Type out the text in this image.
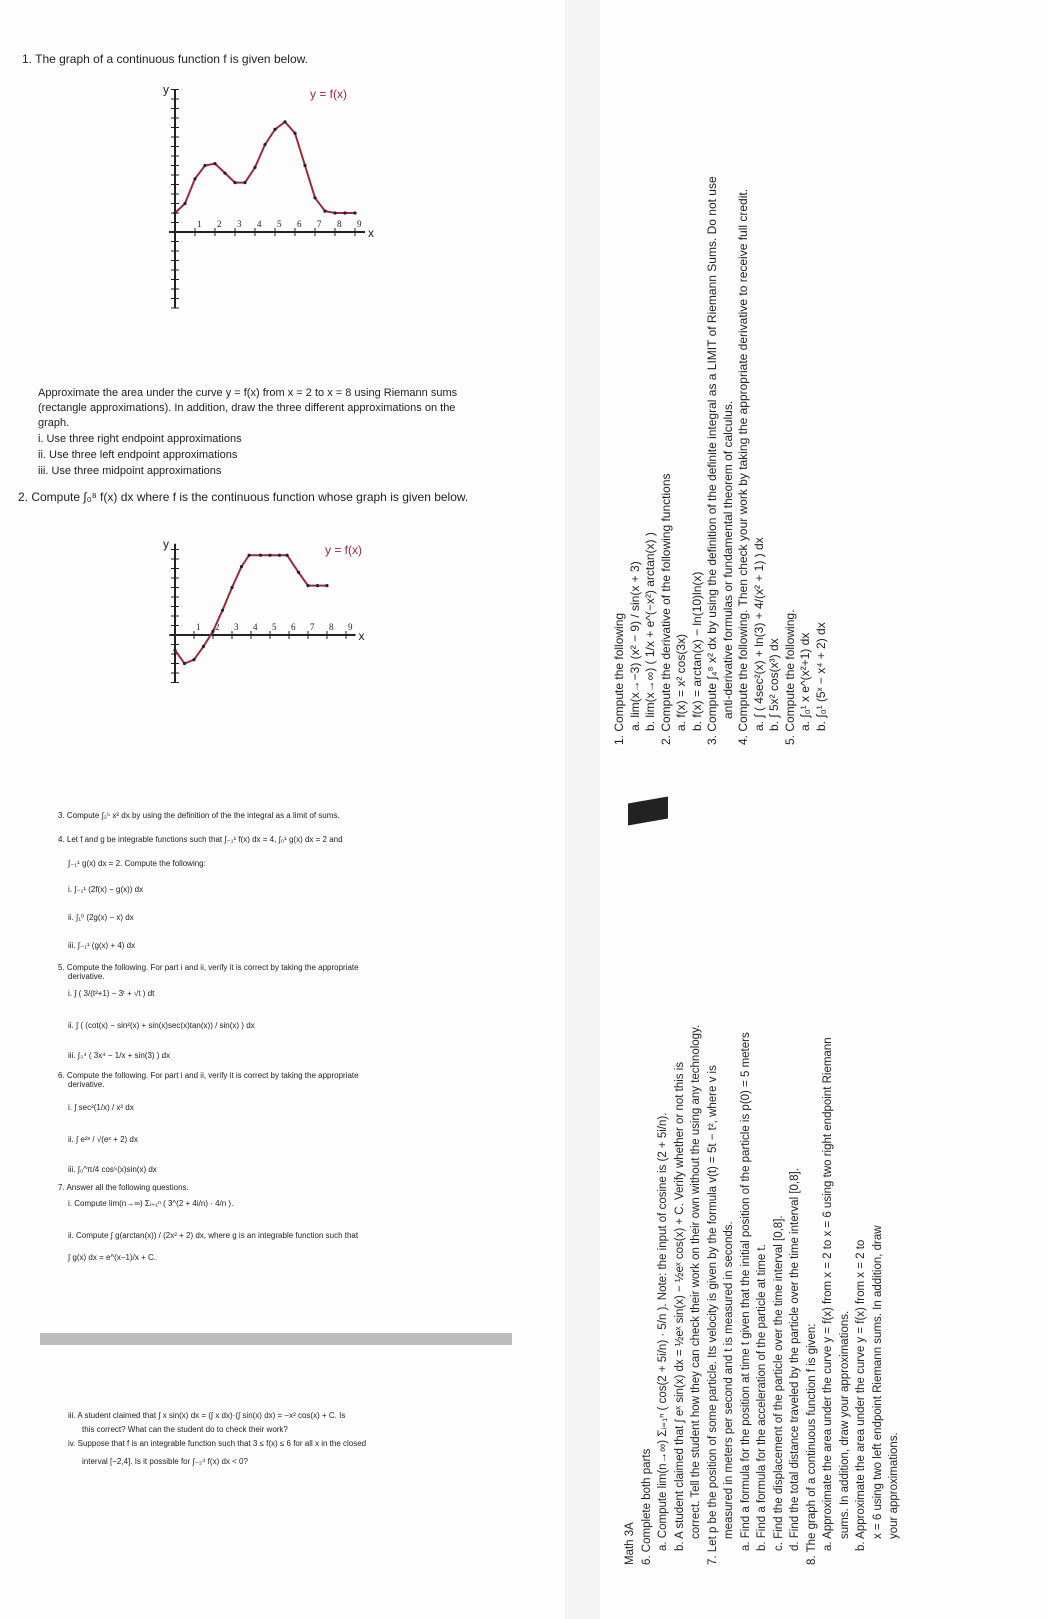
1. The graph of a continuous function f is given below.
1 2 3 4 5 6 7 8 9
x
y	y = f(x)
Approximate the area under the curve y = f(x) from x = 2 to x = 8 using Riemann sums
(rectangle approximations). In addition, draw the three different approximations on the
graph.
i. Use three right endpoint approximations
ii. Use three left endpoint approximations
iii. Use three midpoint approximations
2. Compute ∫₀⁸ f(x) dx where f is the continuous function whose graph is given below.
1 2 3 4 5 6 7 8 9
x
y	y = f(x)
3. Compute ∫₂⁵ x² dx by using the definition of the the integral as a limit of sums.
4. Let f and g be integrable functions such that ∫₋₁¹ f(x) dx = 4, ∫₀¹ g(x) dx = 2 and
∫₋₁¹ g(x) dx = 2. Compute the following:
i. ∫₋₁¹ (2f(x) − g(x)) dx
ii. ∫₁⁰ (2g(x) − x) dx
iii. ∫₋₁¹ (g(x) + 4) dx
5. Compute the following. For part i and ii, verify it is correct by taking the appropriate
derivative.
i. ∫ ( 3/(t²+1) − 3ᵗ + √t ) dt
ii. ∫ ( (cot(x) − sin²(x) + sin(x)sec(x)tan(x)) / sin(x) ) dx
iii. ∫₃⁴ ( 3x⁴ − 1/x + sin(3) ) dx
6. Compute the following. For part i and ii, verify it is correct by taking the appropriate
derivative.
i. ∫ sec²(1/x) / x² dx
ii. ∫ e²ˣ / √(eˣ + 2) dx
iii. ∫₀^π/4 cos⁵(x)sin(x) dx
7. Answer all the following questions.
i. Compute lim(n→∞) Σᵢ₌₁ⁿ ( 3^(2 + 4i/n) · 4/n ).
ii. Compute ∫ g(arctan(x)) / (2x² + 2) dx, where g is an integrable function such that
∫ g(x) dx = e^(x−1)/x + C.
iii. A student claimed that ∫ x sin(x) dx = (∫ x dx)·(∫ sin(x) dx) = −x² cos(x) + C. Is
this correct? What can the student do to check their work?
iv. Suppose that f is an integrable function such that 3 ≤ f(x) ≤ 6 for all x in the closed
interval [−2,4]. Is it possible for ∫₋₂⁴ f(x) dx < 0?
1. Compute the following a. lim(x→−3) (x² − 9) / sin(x + 3) b. lim(x→∞) ( 1/x + e^(−x²) arctan(x) ) 2. Compute the derivative of the following functions a. f(x) = x² cos(3x) b. f(x) = arctan(x) − ln(10)ln(x) 3. Compute ∫₄⁸ x² dx by using the definition of the definite integral as a LIMIT of Riemann Sums. Do not use anti-derivative formulas or fundamental theorem of calculus. 4. Compute the following. Then check your work by taking the appropriate derivative to receive full credit. a. ∫ ( 4sec²(x) + ln(3) + 4/(x² + 1) ) dx b. ∫ 5x² cos(x³) dx 5. Compute the following. a. ∫₀¹ x e^(x²+1) dx b. ∫₀¹ (5ˣ − x⁴ + 2) dx
Math 3A 6. Complete both parts a. Compute lim(n→∞) Σᵢ₌₁ⁿ ( cos(2 + 5i/n) · 5/n ). Note: the input of cosine is (2 + 5i/n). b. A student claimed that ∫ eˣ sin(x) dx = ½eˣ sin(x) − ½eˣ cos(x) + C. Verify whether or not this is correct. Tell the student how they can check their work on their own without the using any technology. 7. Let p be the position of some particle. Its velocity is given by the formula v(t) = 5t − t², where v is measured in meters per second and t is measured in seconds. a. Find a formula for the position at time t given that the initial position of the particle is p(0) = 5 meters b. Find a formula for the acceleration of the particle at time t. c. Find the displacement of the particle over the time interval [0,8]. d. Find the total distance traveled by the particle over the time interval [0,8]. 8. The graph of a continuous function f is given: a. Approximate the area under the curve y = f(x) from x = 2 to x = 6 using two right endpoint Riemann sums. In addition, draw your approximations. b. Approximate the area under the curve y = f(x) from x = 2 to x = 6 using two left endpoint Riemann sums. In addition, draw your approximations.
